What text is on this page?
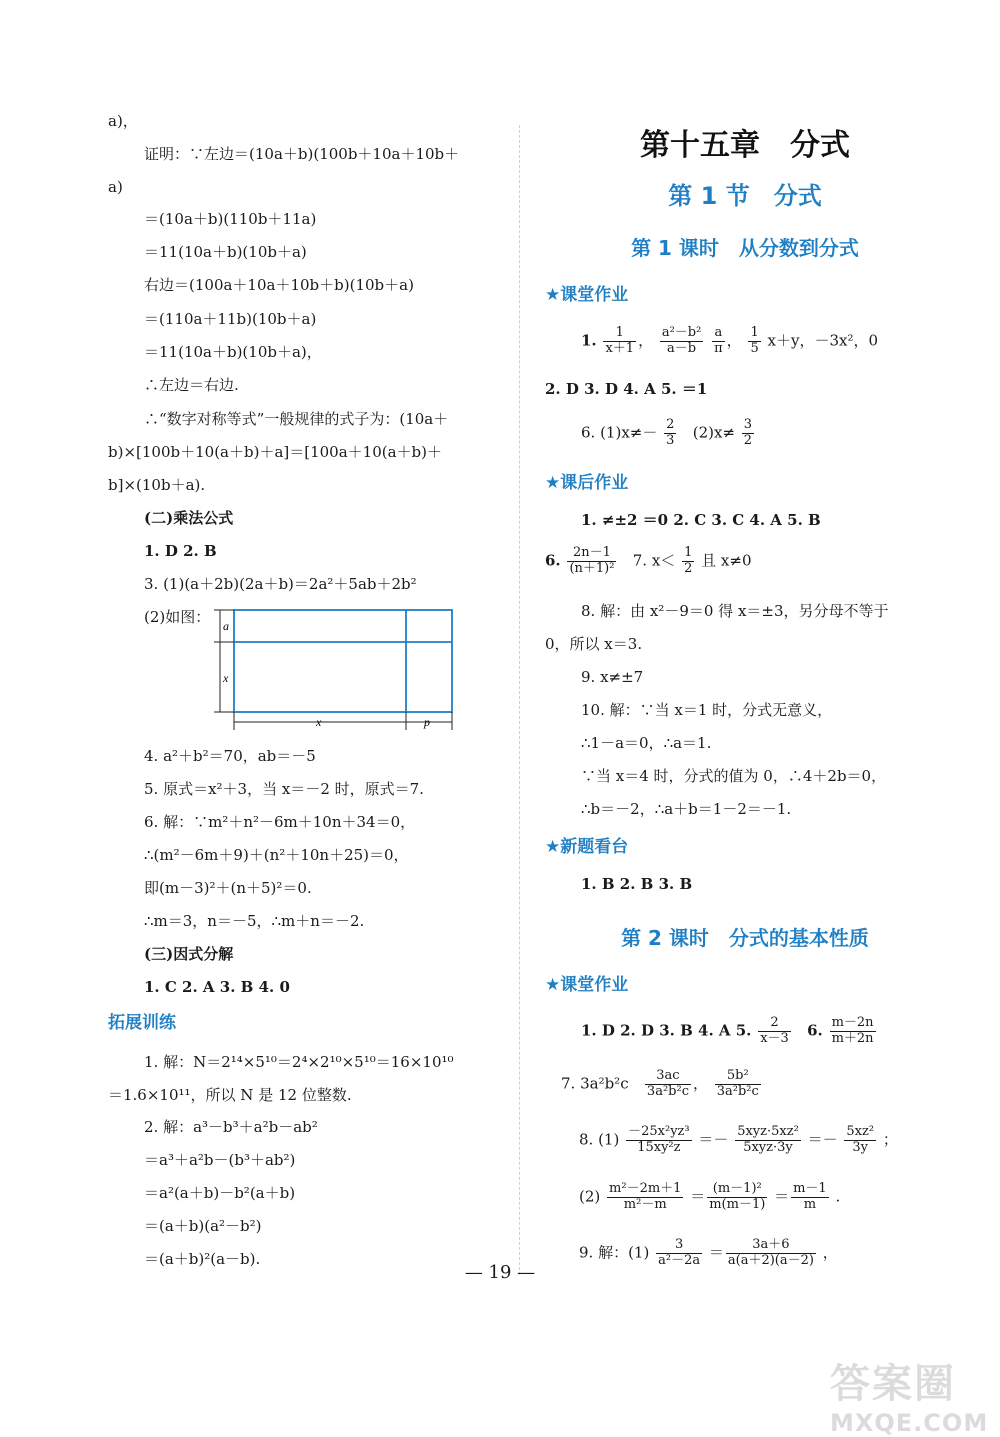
a)，
证明：∵左边＝(10a＋b)(100b＋10a＋10b＋
a)
＝(10a＋b)(110b＋11a)
＝11(10a＋b)(10b＋a)
右边＝(100a＋10a＋10b＋b)(10b＋a)
＝(110a＋11b)(10b＋a)
＝11(10a＋b)(10b＋a)，
∴左边＝右边.
∴“数字对称等式”一般规律的式子为：(10a＋
b)×[100b＋10(a＋b)＋a]＝[100a＋10(a＋b)＋
b]×(10b＋a).
(二)乘法公式
1. D 2. B
3. (1)(a＋2b)(2a＋b)＝2a²＋5ab＋2b²
(2)如图： a
x
x	p
4. a²＋b²＝70，ab＝－5
5. 原式＝x²＋3，当 x＝－2 时，原式＝7.
6. 解：∵m²＋n²－6m＋10n＋34＝0，
∴(m²－6m＋9)＋(n²＋10n＋25)＝0，
即(m－3)²＋(n＋5)²＝0.
∴m＝3，n＝－5，∴m＋n＝－2.
(三)因式分解
1. C 2. A 3. B 4. 0
拓展训练
1. 解：N＝2¹⁴×5¹⁰＝2⁴×2¹⁰×5¹⁰＝16×10¹⁰
＝1.6×10¹¹，所以 N 是 12 位整数.
2. 解：a³－b³＋a²b－ab²
＝a³＋a²b－(b³＋ab²)
＝a²(a＋b)－b²(a＋b)
＝(a＋b)(a²－b²)
＝(a＋b)²(a－b).
第十五章　分式
第 1 节　分式
第 1 课时　从分数到分式
★课堂作业
1. $\frac{1}{x+1}$ ， $\frac{\text{a²－b²}}{a-b}$
$\frac{a}{\pi}$ ， $\frac{1}{5} x+y$，－3x²，0
2. D 3. D 4. A 5. ＝1
6. $(1)x\ne- \frac{2}{3} (2)x\ne \frac{3}{2}$
★课后作业
1. ≠±2 ＝0 2. C 3. C 4. A 5. B
6. $\frac{2n-1}{\text{(n＋1)²}} 7$. $x< \frac{1}{2}$ 且 x≠0
8. 解：由 x²－9＝0 得 x＝±3，另分母不等于
0，所以 x＝3.
9. x≠±7
10. 解：∵当 x＝1 时，分式无意义，
∴1－a＝0，∴a＝1.
∵当 x＝4 时，分式的值为 0，∴4＋2b＝0，
∴b＝－2，∴a＋b＝1－2＝－1.
★新题看台
1. B 2. B 3. B
第 2 课时　分式的基本性质
★课堂作业
1. D 2. D 3. B 4. A 5. $\frac{2}{x-3} 6$. $\frac{m-2n}{m+2n}$
7. $3a^2b^2c \frac{3ac}{\text{3a²b²c}}$ ， $\frac{\text{5b²}}{\text{3a²b²c}}$
8. $(1) \frac{\text{－25x²yz³}}{\text{15xy²z}} =- \frac{\text{5xyz·5xz²}}{\text{5xyz·3y}} =- \frac{\text{5xz²}}{3y}$ ；
$(2) \frac{\text{m²－2m＋1}}{\text{m²－m}} = \frac{\text{(m－1)²}}{m(m-1)} = \frac{m-1}{m}$ .
9. 解：$(1) \frac{3}{\text{a²－2a}} = \frac{3a+6}{a(a+2)(a-2)}$ ，
— 19 —
答案圈
MXQE.COM
